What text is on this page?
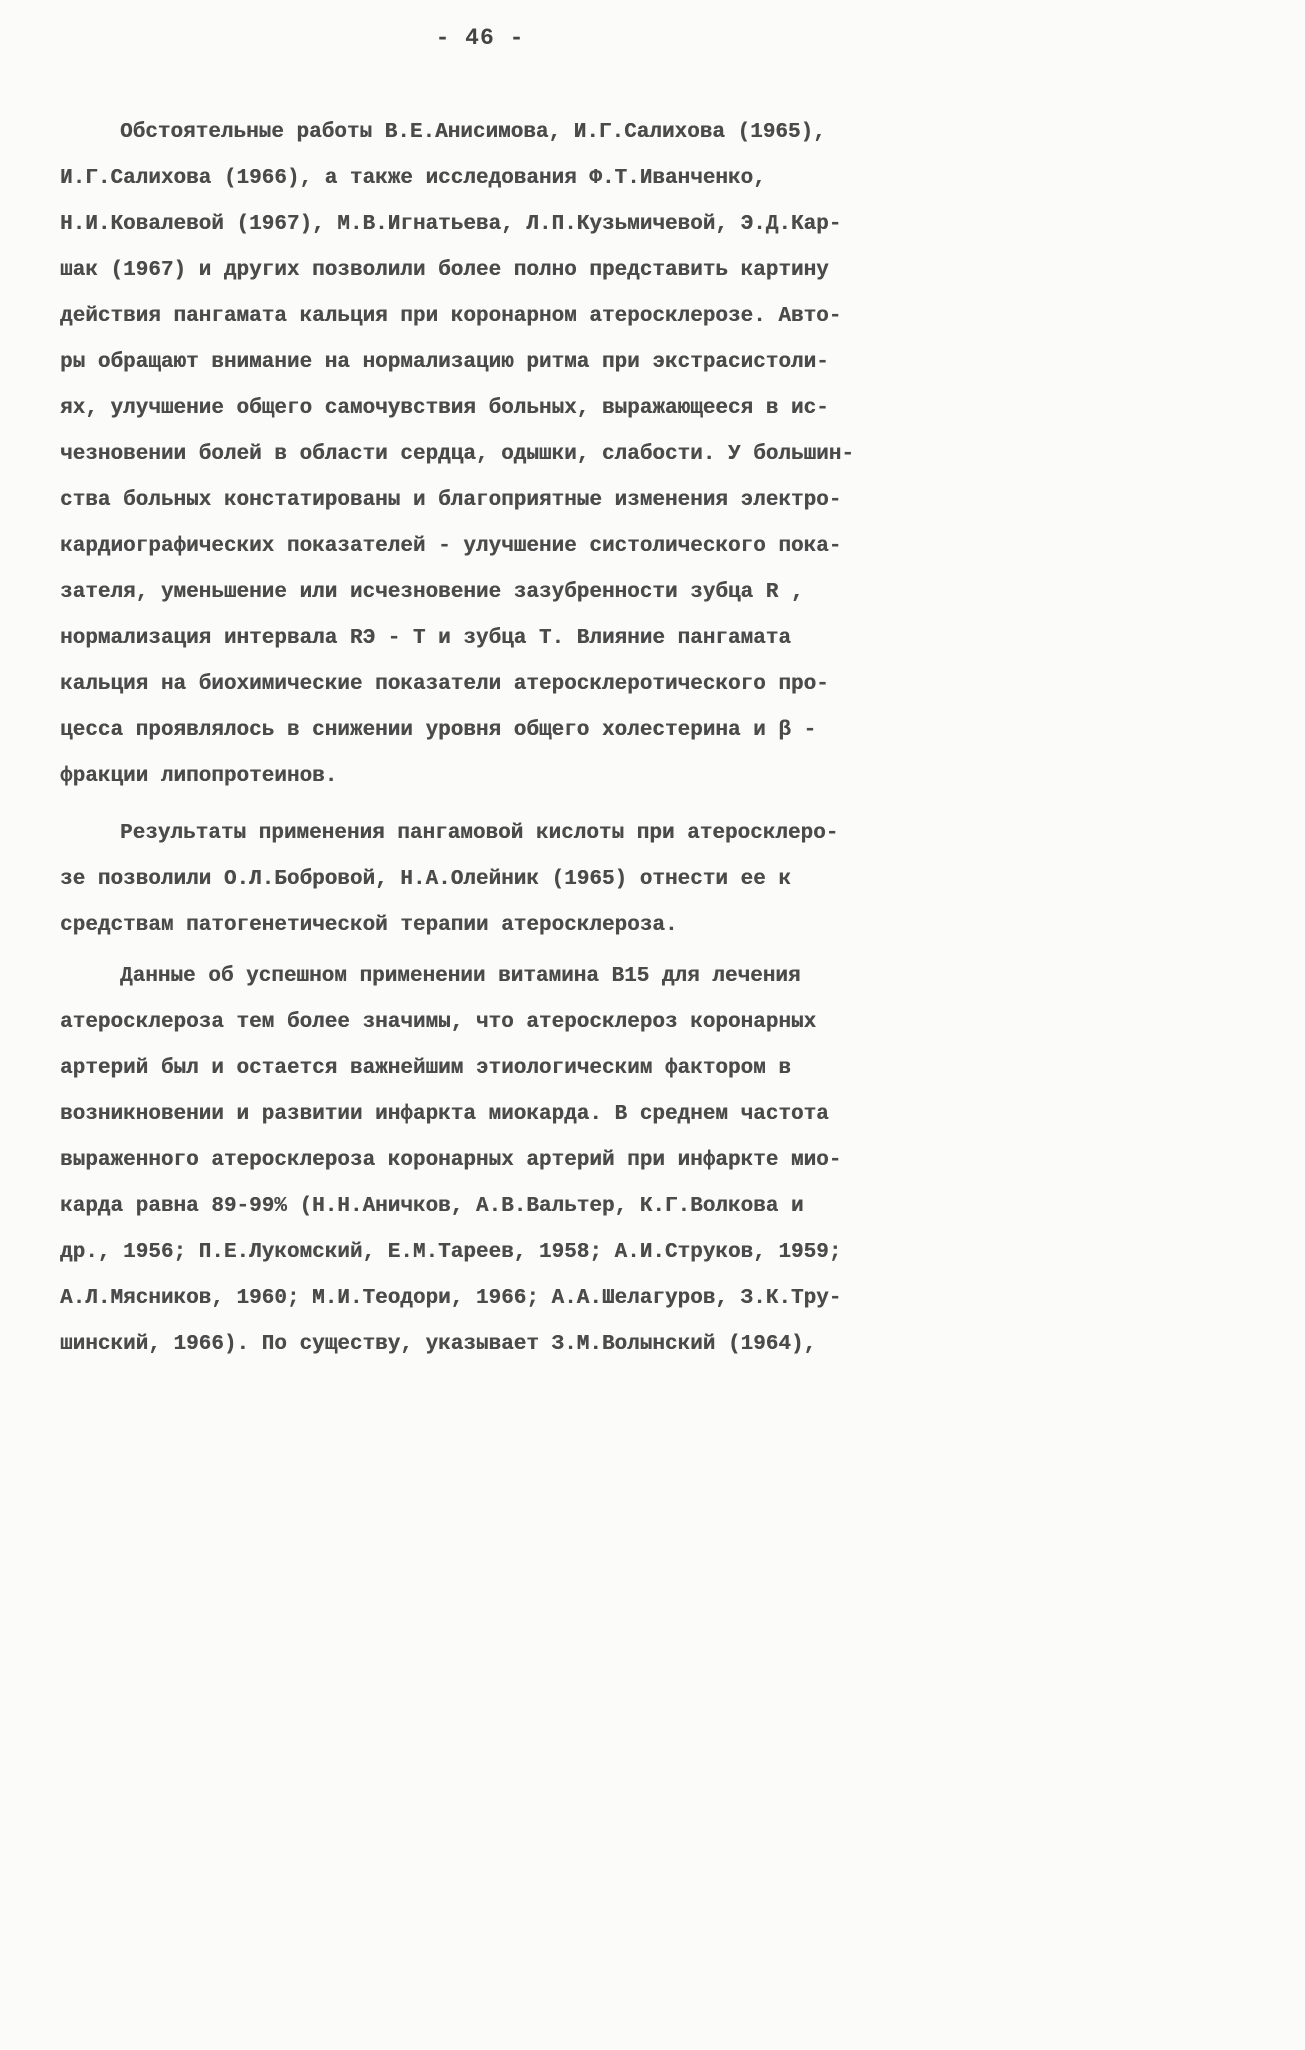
- 46 -
Обстоятельные работы В.Е.Анисимова, И.Г.Салихова (1965),
И.Г.Салихова (1966), а также исследования Ф.Т.Иванченко,
Н.И.Ковалевой (1967), М.В.Игнатьева, Л.П.Кузьмичевой, Э.Д.Кар-
шак (1967) и других позволили более полно представить картину
действия пангамата кальция при коронарном атеросклерозе. Авто-
ры обращают внимание на нормализацию ритма при экстрасистоли-
ях, улучшение общего самочувствия больных, выражающееся в ис-
чезновении болей в области сердца, одышки, слабости. У большин-
ства больных констатированы и благоприятные изменения электро-
кардиографических показателей - улучшение систолического пока-
зателя, уменьшение или исчезновение зазубренности зубца R ,
нормализация интервала RЭ - Т и зубца Т. Влияние пангамата
кальция на биохимические показатели атеросклеротического про-
цесса проявлялось в снижении уровня общего холестерина и β -
фракции липопротеинов.
Результаты применения пангамовой кислоты при атеросклеро-
зе позволили О.Л.Бобровой, Н.А.Олейник (1965) отнести ее к
средствам патогенетической терапии атеросклероза.
Данные об успешном применении витамина B15 для лечения
атеросклероза тем более значимы, что атеросклероз коронарных
артерий был и остается важнейшим этиологическим фактором в
возникновении и развитии инфаркта миокарда. В среднем частота
выраженного атеросклероза коронарных артерий при инфаркте мио-
карда равна 89-99% (Н.Н.Аничков, А.В.Вальтер, К.Г.Волкова и
др., 1956; П.Е.Лукомский, Е.М.Тареев, 1958; А.И.Струков, 1959;
А.Л.Мясников, 1960; М.И.Теодори, 1966; А.А.Шелагуров, З.К.Тру-
шинский, 1966). По существу, указывает З.М.Волынский (1964),
